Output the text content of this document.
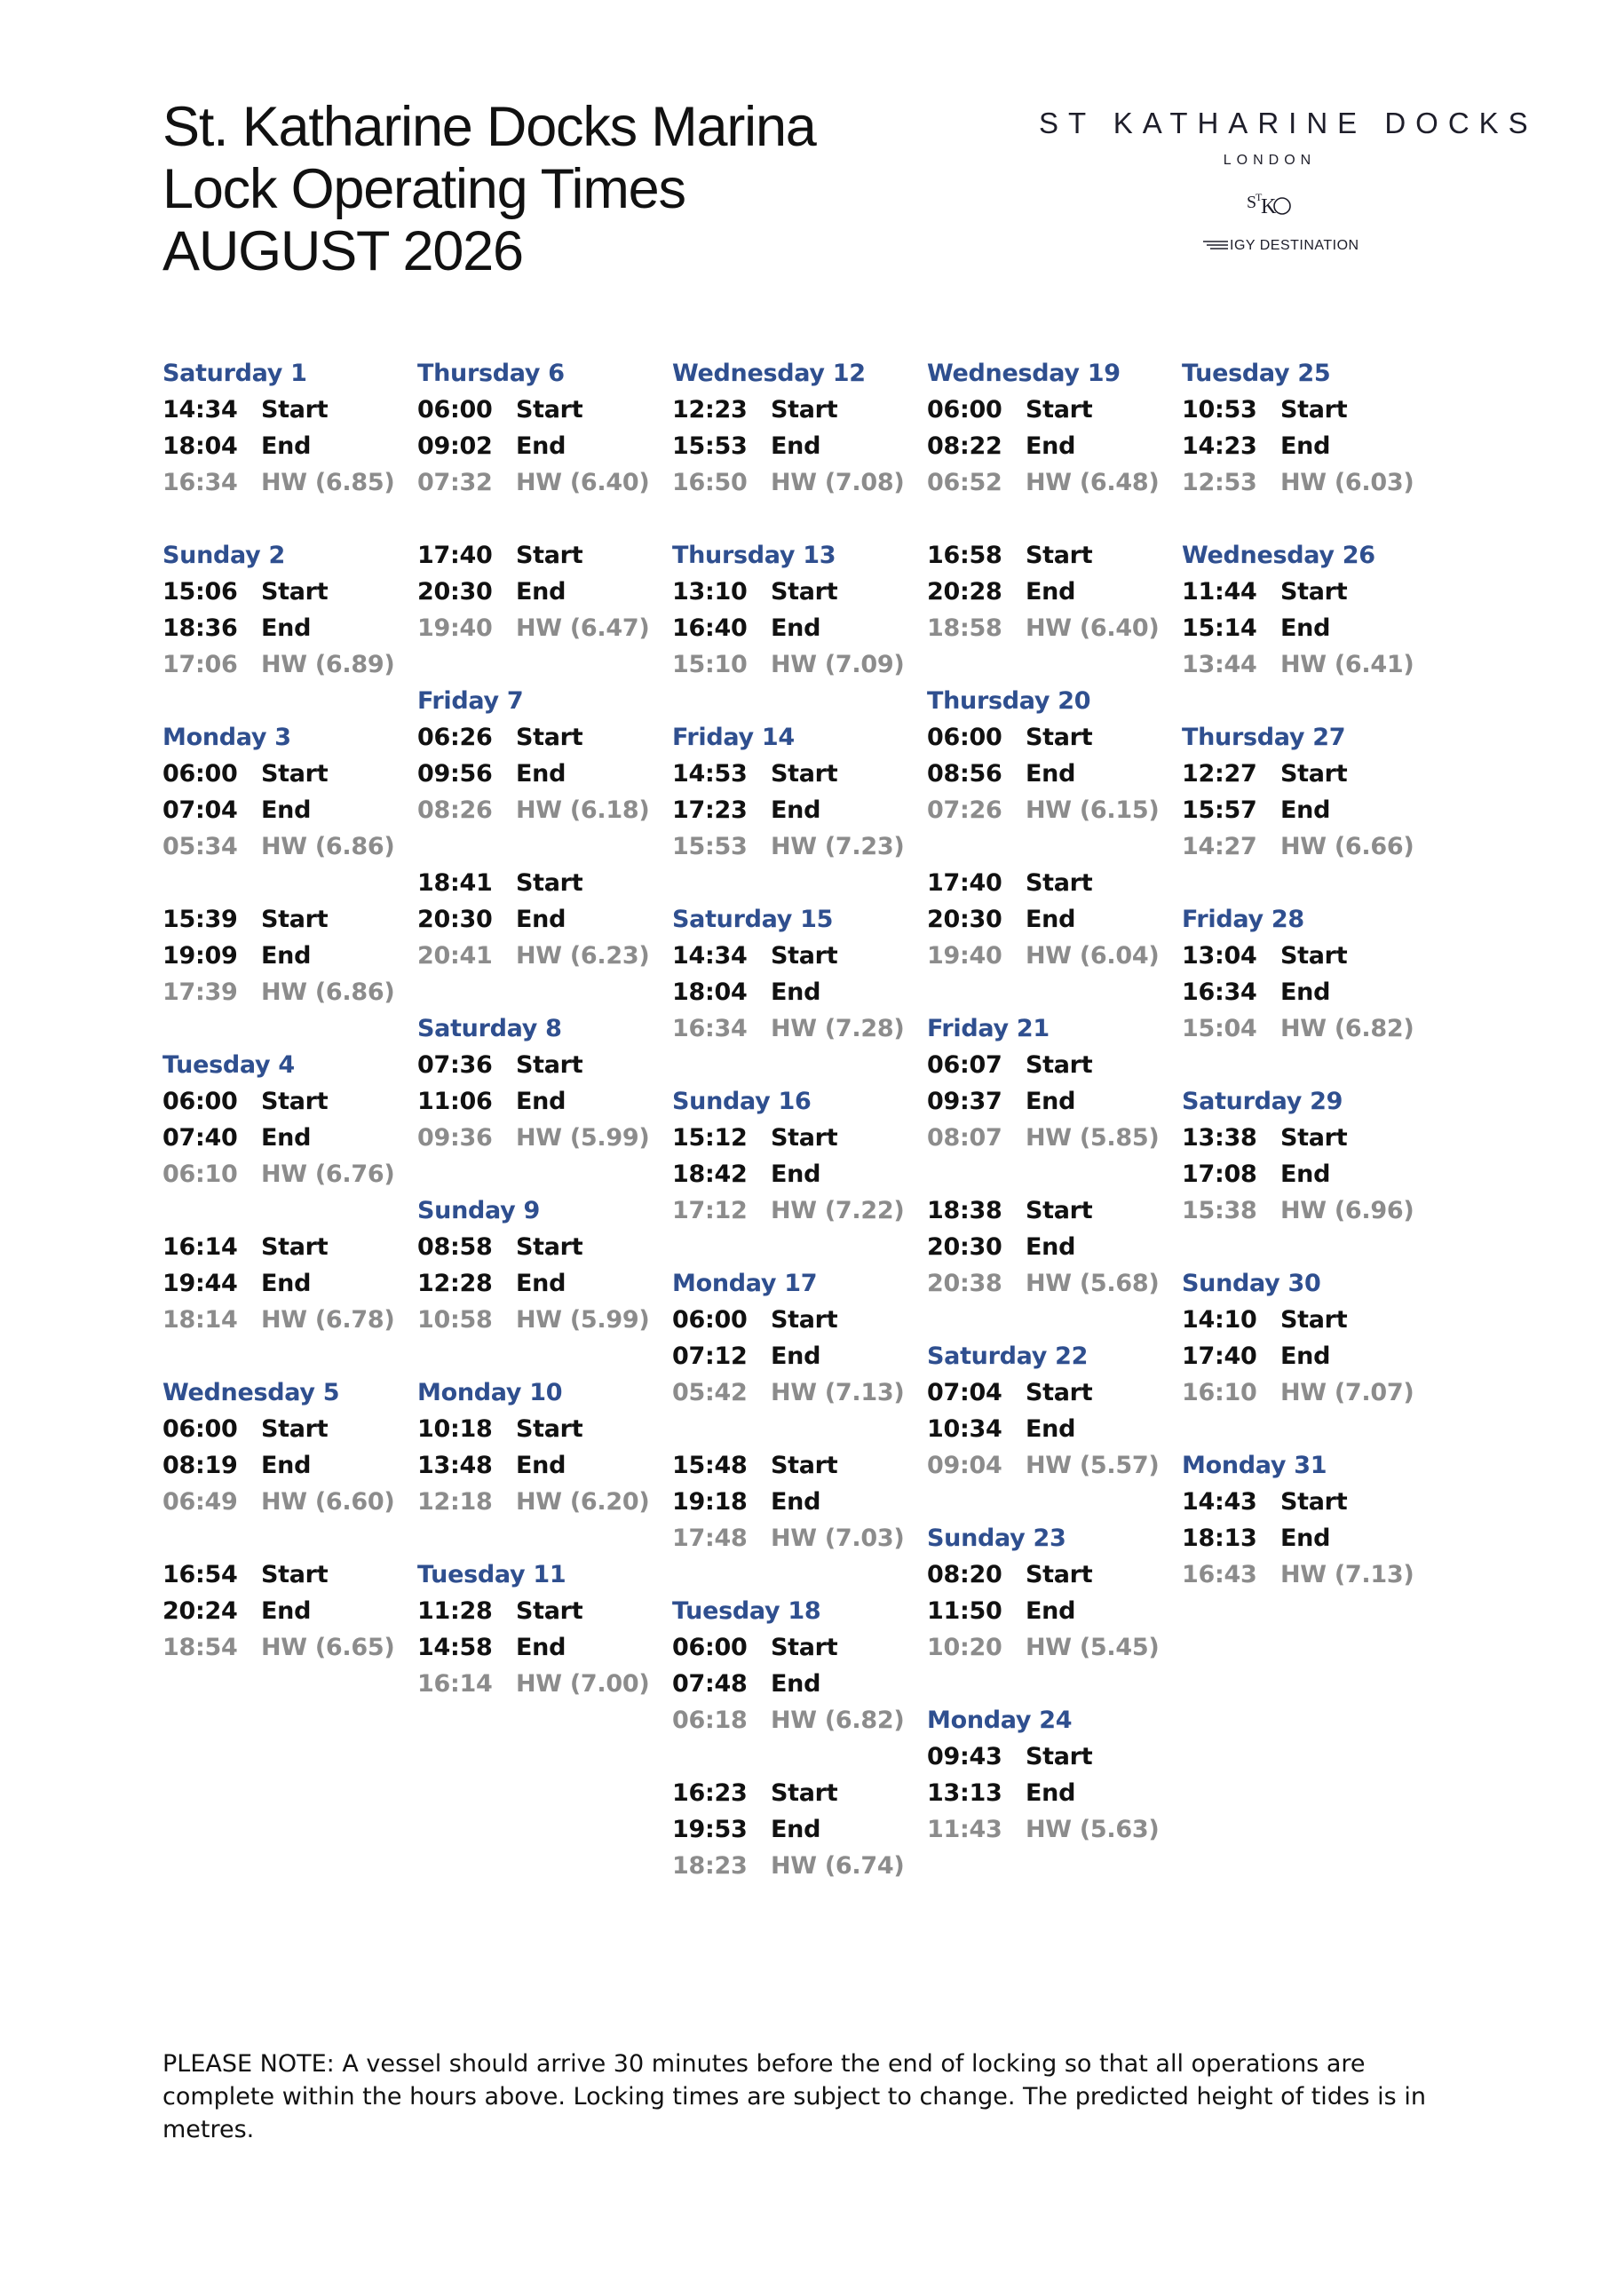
St. Katharine Docks Marina
Lock Operating Times
AUGUST 2026
ST KATHARINE DOCKS
LONDON
S
T
K
IGY DESTINATION
Saturday 1
14:34 Start
18:04 End
16:34 HW (6.85)
Sunday 2
15:06 Start
18:36 End
17:06 HW (6.89)
Monday 3
06:00 Start
07:04 End
05:34 HW (6.86)
15:39 Start
19:09 End
17:39 HW (6.86)
Tuesday 4
06:00 Start
07:40 End
06:10 HW (6.76)
16:14 Start
19:44 End
18:14 HW (6.78)
Wednesday 5
06:00 Start
08:19 End
06:49 HW (6.60)
16:54 Start
20:24 End
18:54 HW (6.65)
Thursday 6
06:00 Start
09:02 End
07:32 HW (6.40)
17:40 Start
20:30 End
19:40 HW (6.47)
Friday 7
06:26 Start
09:56 End
08:26 HW (6.18)
18:41 Start
20:30 End
20:41 HW (6.23)
Saturday 8
07:36 Start
11:06 End
09:36 HW (5.99)
Sunday 9
08:58 Start
12:28 End
10:58 HW (5.99)
Monday 10
10:18 Start
13:48 End
12:18 HW (6.20)
Tuesday 11
11:28 Start
14:58 End
16:14 HW (7.00)
Wednesday 12
12:23 Start
15:53 End
16:50 HW (7.08)
Thursday 13
13:10 Start
16:40 End
15:10 HW (7.09)
Friday 14
14:53 Start
17:23 End
15:53 HW (7.23)
Saturday 15
14:34 Start
18:04 End
16:34 HW (7.28)
Sunday 16
15:12 Start
18:42 End
17:12 HW (7.22)
Monday 17
06:00 Start
07:12 End
05:42 HW (7.13)
15:48 Start
19:18 End
17:48 HW (7.03)
Tuesday 18
06:00 Start
07:48 End
06:18 HW (6.82)
16:23 Start
19:53 End
18:23 HW (6.74)
Wednesday 19
06:00 Start
08:22 End
06:52 HW (6.48)
16:58 Start
20:28 End
18:58 HW (6.40)
Thursday 20
06:00 Start
08:56 End
07:26 HW (6.15)
17:40 Start
20:30 End
19:40 HW (6.04)
Friday 21
06:07 Start
09:37 End
08:07 HW (5.85)
18:38 Start
20:30 End
20:38 HW (5.68)
Saturday 22
07:04 Start
10:34 End
09:04 HW (5.57)
Sunday 23
08:20 Start
11:50 End
10:20 HW (5.45)
Monday 24
09:43 Start
13:13 End
11:43 HW (5.63)
Tuesday 25
10:53 Start
14:23 End
12:53 HW (6.03)
Wednesday 26
11:44 Start
15:14 End
13:44 HW (6.41)
Thursday 27
12:27 Start
15:57 End
14:27 HW (6.66)
Friday 28
13:04 Start
16:34 End
15:04 HW (6.82)
Saturday 29
13:38 Start
17:08 End
15:38 HW (6.96)
Sunday 30
14:10 Start
17:40 End
16:10 HW (7.07)
Monday 31
14:43 Start
18:13 End
16:43 HW (7.13)

PLEASE NOTE: A vessel should arrive 30 minutes before the end of locking so that all operations are complete within the hours above. Locking times are subject to change. The predicted height of tides is in metres.
